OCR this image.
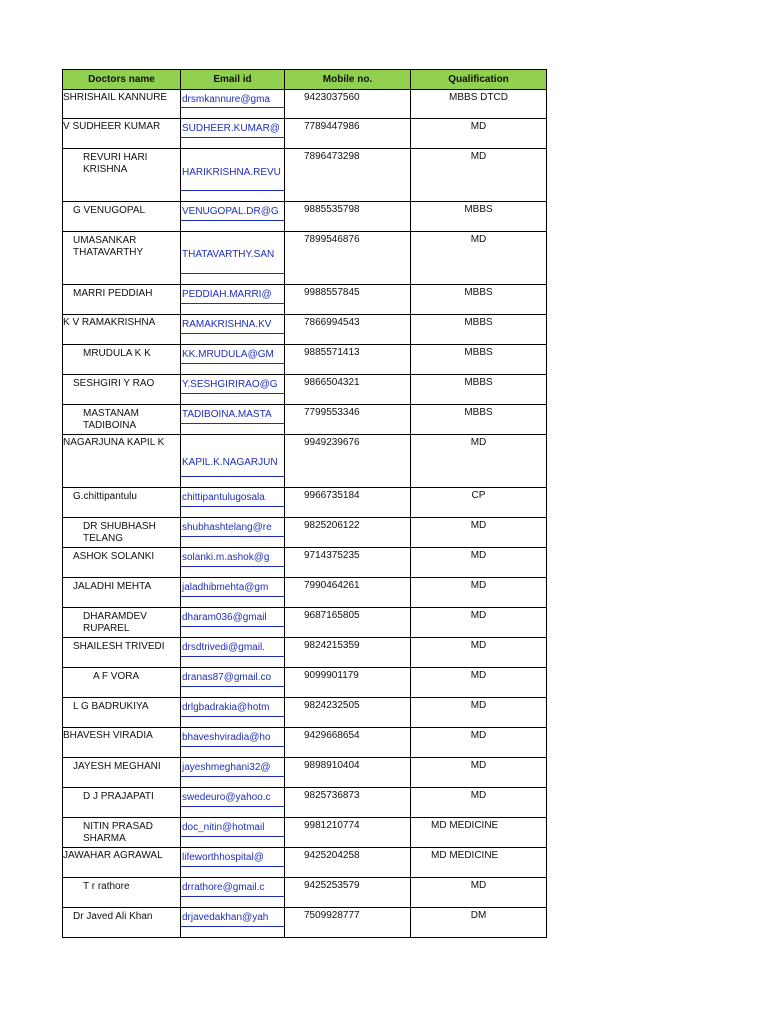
Doctors name	Email id	Mobile no.	Qualification

SHRISHAIL KANNURE	drsmkannure@gma	9423037560	MBBS DTCD

V SUDHEER KUMAR	SUDHEER.KUMAR@	7789447986	MD

REVURI HARI KRISHNA	HARIKRISHNA.REVU	7896473298	MD

G VENUGOPAL	VENUGOPAL.DR@G	9885535798	MBBS

UMASANKAR THATAVARTHY	THATAVARTHY.SAN	7899546876	MD

MARRI PEDDIAH	PEDDIAH.MARRI@	9988557845	MBBS

K V RAMAKRISHNA	RAMAKRISHNA.KV	7866994543	MBBS

MRUDULA K K	KK.MRUDULA@GM	9885571413	MBBS

SESHGIRI Y RAO	Y.SESHGIRIRAO@G	9866504321	MBBS

MASTANAM TADIBOINA	TADIBOINA.MASTA	7799553346	MBBS

NAGARJUNA KAPIL K	KAPIL.K.NAGARJUN	9949239676	MD

G.chittipantulu	chittipantulugosala	9966735184	CP

DR SHUBHASH TELANG	shubhashtelang@re	9825206122	MD

ASHOK SOLANKI	solanki.m.ashok@g	9714375235	MD

JALADHI MEHTA	jaladhibmehta@gm	7990464261	MD

DHARAMDEV RUPAREL	dharam036@gmail	9687165805	MD

SHAILESH TRIVEDI	drsdtrivedi@gmail.	9824215359	MD

A F VORA	dranas87@gmail.co	9099901179	MD

L G BADRUKIYA	drlgbadrakia@hotm	9824232505	MD

BHAVESH VIRADIA	bhaveshviradia@ho	9429668654	MD

JAYESH MEGHANI	jayeshmeghani32@	9898910404	MD

D J PRAJAPATI	swedeuro@yahoo.c	9825736873	MD

NITIN PRASAD SHARMA	doc_nitin@hotmail	9981210774	MD MEDICINE

JAWAHAR AGRAWAL	lifeworthhospital@	9425204258	MD MEDICINE

T r rathore	drrathore@gmail.c	9425253579	MD

Dr Javed Ali Khan	drjavedakhan@yah	7509928777	DM
